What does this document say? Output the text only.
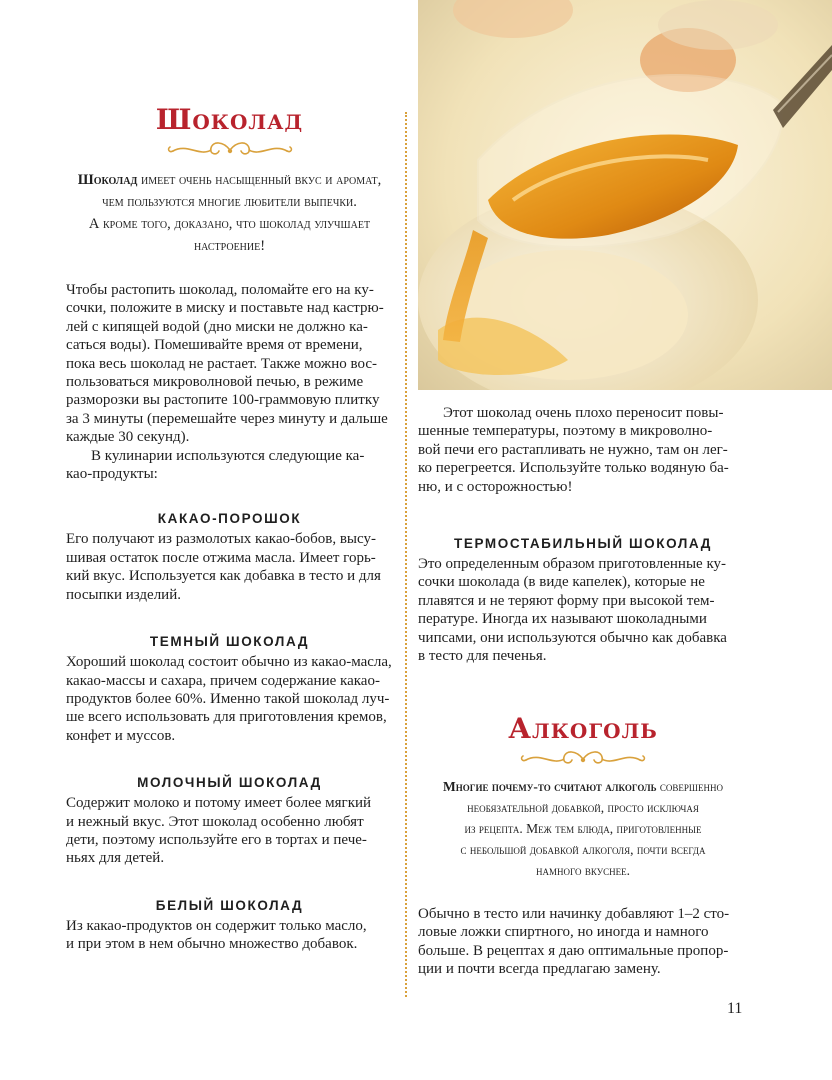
Шоколад
Шоколад имеет очень насыщенный вкус и аромат,
чем пользуются многие любители выпечки.
А кроме того, доказано, что шоколад улучшает
настроение!

Чтобы растопить шоколад, поломайте его на ку-
сочки, положите в миску и поставьте над кастрю-
лей с кипящей водой (дно миски не должно ка-
саться воды). Помешивайте время от времени,
пока весь шоколад не растает. Также можно вос-
пользоваться микроволновой печью, в режиме
разморозки вы растопите 100-граммовую плитку
за 3 минуты (перемешайте через минуту и дальше
каждые 30 секунд).

В кулинарии используются следующие ка-
као-продукты:

КАКАО-ПОРОШОК

Его получают из размолотых какао-бобов, высу-
шивая остаток после отжима масла. Имеет горь-
кий вкус. Используется как добавка в тесто и для
посыпки изделий.

ТЕМНЫЙ ШОКОЛАД

Хороший шоколад состоит обычно из какао-масла,
какао-массы и сахара, причем содержание какао-
продуктов более 60%. Именно такой шоколад луч-
ше всего использовать для приготовления кремов,
конфет и муссов.

МОЛОЧНЫЙ ШОКОЛАД

Содержит молоко и потому имеет более мягкий
и нежный вкус. Этот шоколад особенно любят
дети, поэтому используйте его в тортах и пече-
ньях для детей.

БЕЛЫЙ ШОКОЛАД

Из какао-продуктов он содержит только масло,
и при этом в нем обычно множество добавок.

Этот шоколад очень плохо переносит повы-
шенные температуры, поэтому в микроволно-
вой печи его растапливать не нужно, там он лег-
ко перегреется. Используйте только водяную ба-
ню, и с осторожностью!

ТЕРМОСТАБИЛЬНЫЙ ШОКОЛАД

Это определенным образом приготовленные ку-
сочки шоколада (в виде капелек), которые не
плавятся и не теряют форму при высокой тем-
пературе. Иногда их называют шоколадными
чипсами, они используются обычно как добавка
в тесто для печенья.

Алкоголь
Многие почему-то считают алкоголь совершенно
необязательной добавкой, просто исключая
из рецепта. Меж тем блюда, приготовленные
с небольшой добавкой алкоголя, почти всегда
намного вкуснее.

Обычно в тесто или начинку добавляют 1–2 сто-
ловые ложки спиртного, но иногда и намного
больше. В рецептах я даю оптимальные пропор-
ции и почти всегда предлагаю замену.

11
